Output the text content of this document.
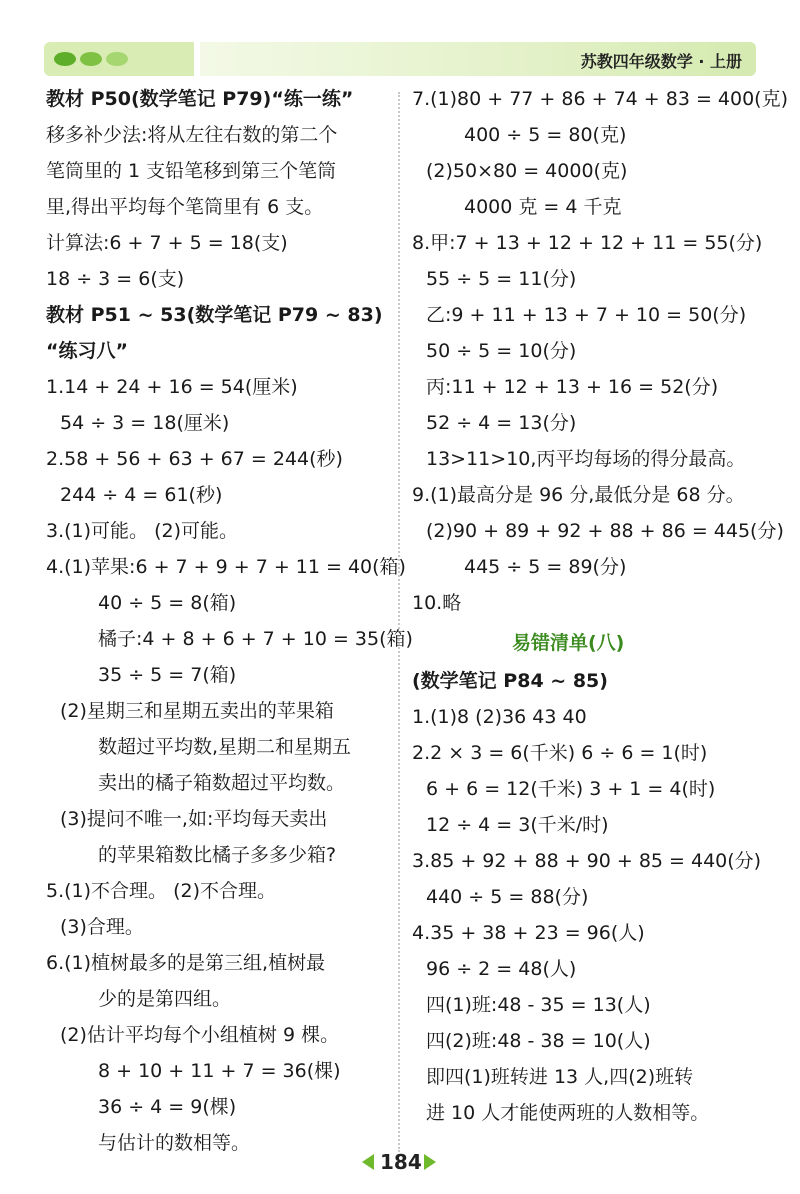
苏教四年级数学 · 上册
教材 P50(数学笔记 P79)“练一练”
移多补少法:将从左往右数的第二个
笔筒里的 1 支铅笔移到第三个笔筒
里,得出平均每个笔筒里有 6 支。
计算法:6 + 7 + 5 = 18(支)
18 ÷ 3 = 6(支)
教材 P51 ~ 53(数学笔记 P79 ~ 83)
“练习八”
1.14 + 24 + 16 = 54(厘米)
54 ÷ 3 = 18(厘米)
2.58 + 56 + 63 + 67 = 244(秒)
244 ÷ 4 = 61(秒)
3.(1)可能。 (2)可能。
4.(1)苹果:6 + 7 + 9 + 7 + 11 = 40(箱)
40 ÷ 5 = 8(箱)
橘子:4 + 8 + 6 + 7 + 10 = 35(箱)
35 ÷ 5 = 7(箱)
(2)星期三和星期五卖出的苹果箱
数超过平均数,星期二和星期五
卖出的橘子箱数超过平均数。
(3)提问不唯一,如:平均每天卖出
的苹果箱数比橘子多多少箱?
5.(1)不合理。 (2)不合理。
(3)合理。
6.(1)植树最多的是第三组,植树最
少的是第四组。
(2)估计平均每个小组植树 9 棵。
8 + 10 + 11 + 7 = 36(棵)
36 ÷ 4 = 9(棵)
与估计的数相等。
7.(1)80 + 77 + 86 + 74 + 83 = 400(克)
400 ÷ 5 = 80(克)
(2)50×80 = 4000(克)
4000 克 = 4 千克
8.甲:7 + 13 + 12 + 12 + 11 = 55(分)
55 ÷ 5 = 11(分)
乙:9 + 11 + 13 + 7 + 10 = 50(分)
50 ÷ 5 = 10(分)
丙:11 + 12 + 13 + 16 = 52(分)
52 ÷ 4 = 13(分)
13>11>10,丙平均每场的得分最高。
9.(1)最高分是 96 分,最低分是 68 分。
(2)90 + 89 + 92 + 88 + 86 = 445(分)
445 ÷ 5 = 89(分)
10.略
易错清单(八)
(数学笔记 P84 ~ 85)
1.(1)8 (2)36 43 40
2.2 × 3 = 6(千米) 6 ÷ 6 = 1(时)
6 + 6 = 12(千米) 3 + 1 = 4(时)
12 ÷ 4 = 3(千米/时)
3.85 + 92 + 88 + 90 + 85 = 440(分)
440 ÷ 5 = 88(分)
4.35 + 38 + 23 = 96(人)
96 ÷ 2 = 48(人)
四(1)班:48 - 35 = 13(人)
四(2)班:48 - 38 = 10(人)
即四(1)班转进 13 人,四(2)班转
进 10 人才能使两班的人数相等。
184
